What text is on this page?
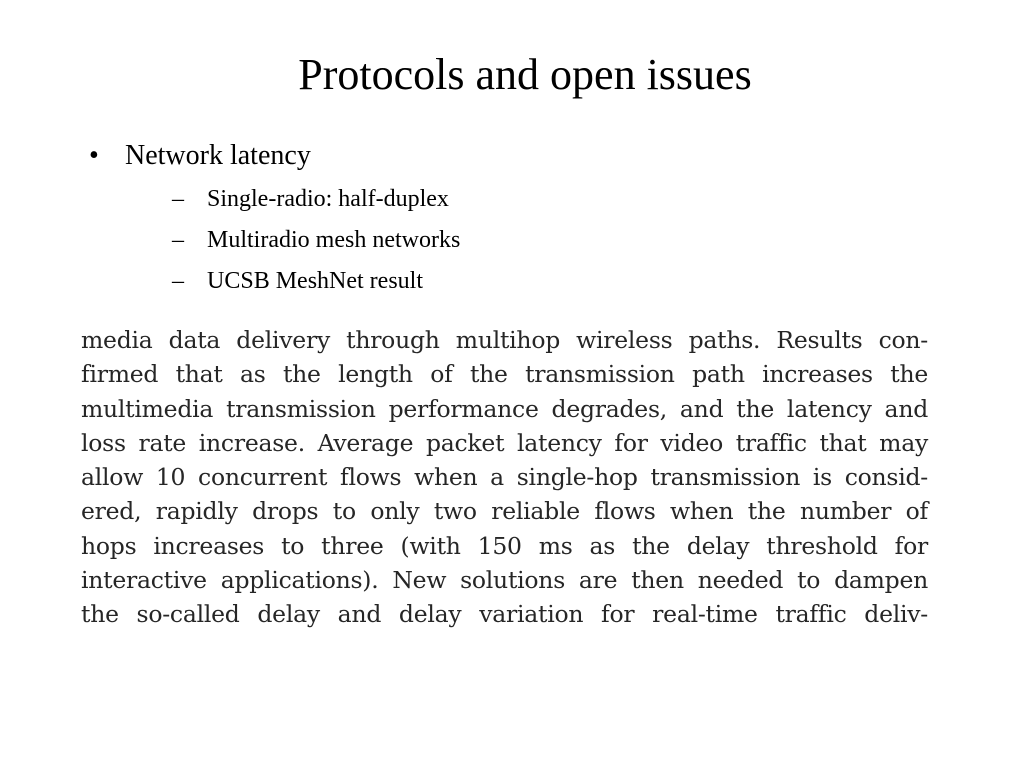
Protocols and open issues
• Network latency
– Single-radio: half-duplex
– Multiradio mesh networks
– UCSB MeshNet result
media data delivery through multihop wireless paths. Results con-
firmed that as the length of the transmission path increases the
multimedia transmission performance degrades, and the latency and
loss rate increase. Average packet latency for video traffic that may
allow 10 concurrent flows when a single-hop transmission is consid-
ered, rapidly drops to only two reliable flows when the number of
hops increases to three (with 150 ms as the delay threshold for
interactive applications). New solutions are then needed to dampen
the so-called delay and delay variation for real-time traffic deliv-
